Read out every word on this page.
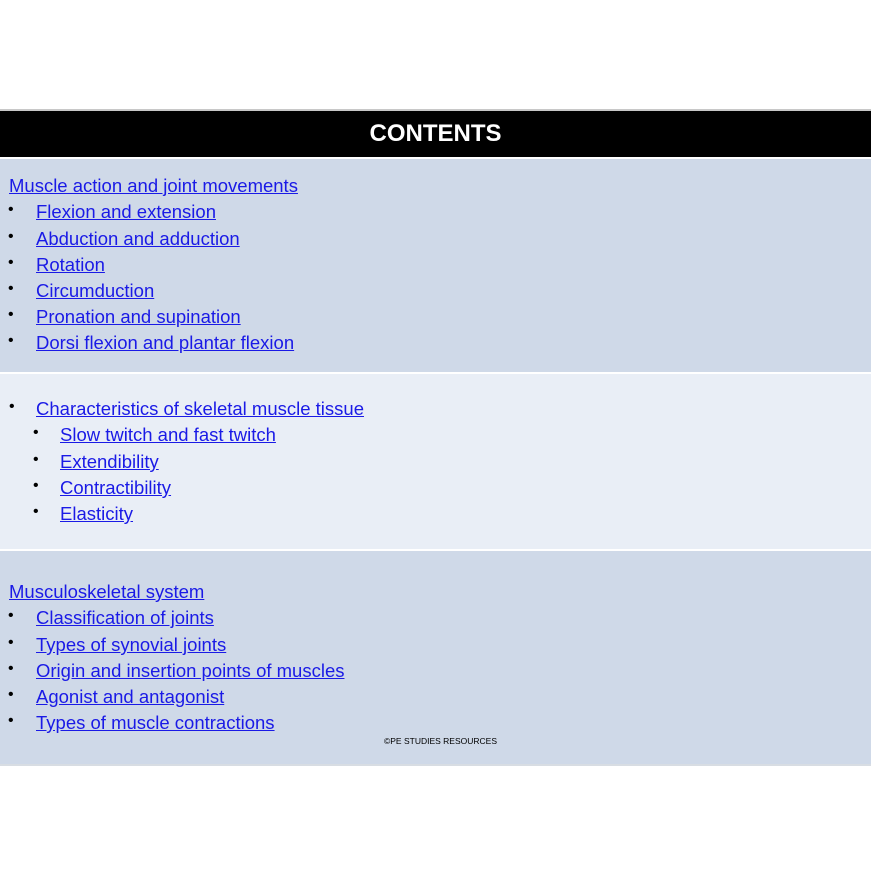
CONTENTS
Muscle action and joint movements
• Flexion and extension
• Abduction and adduction
• Rotation
• Circumduction
• Pronation and supination
• Dorsi flexion and plantar flexion
• Characteristics of skeletal muscle tissue
• Slow twitch and fast twitch
• Extendibility
• Contractibility
• Elasticity
©PE STUDIES RESOURCES
Musculoskeletal system
• Classification of joints
• Types of synovial joints
• Origin and insertion points of muscles
• Agonist and antagonist
• Types of muscle contractions
